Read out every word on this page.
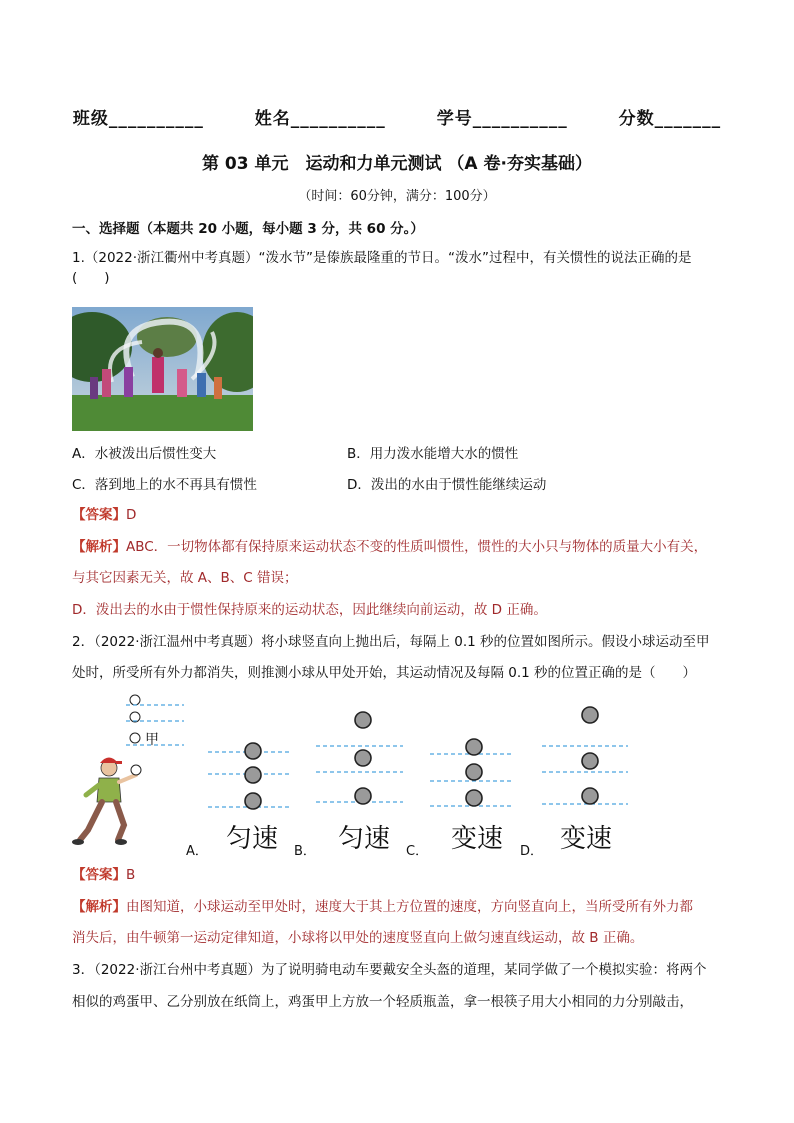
班级__________	姓名__________	学号__________	分数_______
第 03 单元　运动和力单元测试 （A 卷·夯实基础）
（时间：60分钟，满分：100分）
一、选择题（本题共 20 小题，每小题 3 分，共 60 分。）
1.（2022·浙江衢州中考真题）“泼水节”是傣族最隆重的节日。“泼水”过程中，有关惯性的说法正确的是(　　)
A．水被泼出后惯性变大	B．用力泼水能增大水的惯性
C．落到地上的水不再具有惯性	D．泼出的水由于惯性能继续运动
【答案】D
【解析】ABC．一切物体都有保持原来运动状态不变的性质叫惯性，惯性的大小只与物体的质量大小有关，
与其它因素无关，故 A、B、C 错误；
D．泼出去的水由于惯性保持原来的运动状态，因此继续向前运动，故 D 正确。
2．（2022·浙江温州中考真题）将小球竖直向上抛出后，每隔上 0.1 秒的位置如图所示。假设小球运动至甲
处时，所受所有外力都消失，则推测小球从甲处开始，其运动情况及每隔 0.1 秒的位置正确的是（　　）
甲
A． 匀速 B． 匀速 C． 变速 D． 变速
【答案】B
【解析】由图知道，小球运动至甲处时，速度大于其上方位置的速度，方向竖直向上，当所受所有外力都
消失后，由牛顿第一运动定律知道，小球将以甲处的速度竖直向上做匀速直线运动，故 B 正确。
3．（2022·浙江台州中考真题）为了说明骑电动车要戴安全头盔的道理，某同学做了一个模拟实验：将两个
相似的鸡蛋甲、乙分别放在纸筒上，鸡蛋甲上方放一个轻质瓶盖，拿一根筷子用大小相同的力分别敲击，
